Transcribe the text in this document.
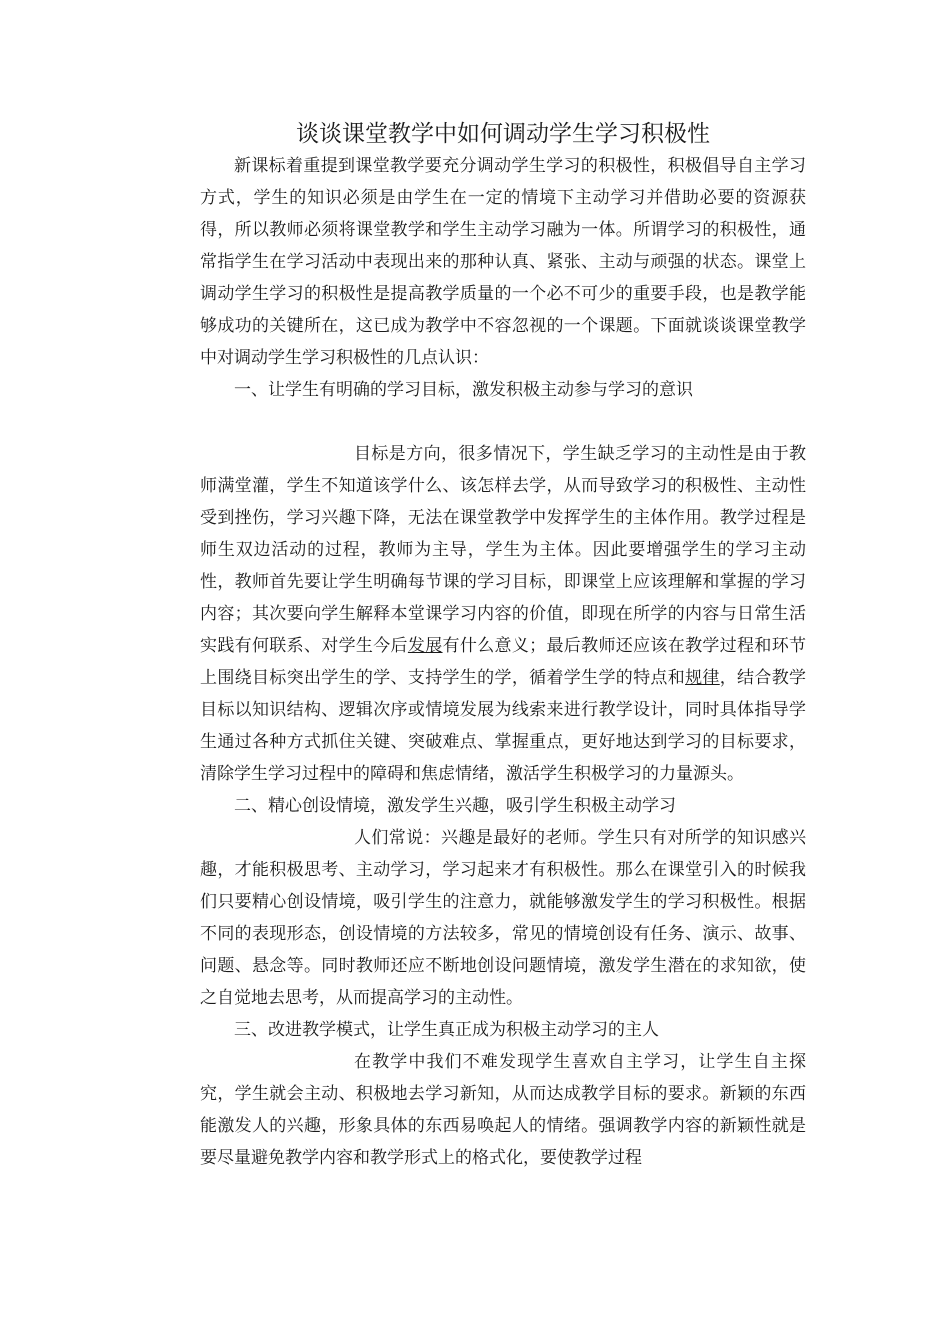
谈谈课堂教学中如何调动学生学习积极性

新课标着重提到课堂教学要充分调动学生学习的积极性，积极倡导自主学习方式，学生的知识必须是由学生在一定的情境下主动学习并借助必要的资源获得，所以教师必须将课堂教学和学生主动学习融为一体。所谓学习的积极性，通常指学生在学习活动中表现出来的那种认真、紧张、主动与顽强的状态。课堂上调动学生学习的积极性是提高教学质量的一个必不可少的重要手段，也是教学能够成功的关键所在，这已成为教学中不容忽视的一个课题。下面就谈谈课堂教学中对调动学生学习积极性的几点认识：

一、让学生有明确的学习目标，激发积极主动参与学习的意识

目标是方向，很多情况下，学生缺乏学习的主动性是由于教师满堂灌，学生不知道该学什么、该怎样去学，从而导致学习的积极性、主动性受到挫伤，学习兴趣下降，无法在课堂教学中发挥学生的主体作用。教学过程是师生双边活动的过程，教师为主导，学生为主体。因此要增强学生的学习主动性，教师首先要让学生明确每节课的学习目标，即课堂上应该理解和掌握的学习内容；其次要向学生解释本堂课学习内容的价值，即现在所学的内容与日常生活实践有何联系、对学生今后发展有什么意义；最后教师还应该在教学过程和环节上围绕目标突出学生的学、支持学生的学，循着学生学的特点和规律，结合教学目标以知识结构、逻辑次序或情境发展为线索来进行教学设计，同时具体指导学生通过各种方式抓住关键、突破难点、掌握重点，更好地达到学习的目标要求，清除学生学习过程中的障碍和焦虑情绪，激活学生积极学习的力量源头。

二、精心创设情境，激发学生兴趣，吸引学生积极主动学习

人们常说：兴趣是最好的老师。学生只有对所学的知识感兴趣，才能积极思考、主动学习，学习起来才有积极性。那么在课堂引入的时候我们只要精心创设情境，吸引学生的注意力，就能够激发学生的学习积极性。根据不同的表现形态，创设情境的方法较多，常见的情境创设有任务、演示、故事、问题、悬念等。同时教师还应不断地创设问题情境，激发学生潜在的求知欲，使之自觉地去思考，从而提高学习的主动性。

三、改进教学模式，让学生真正成为积极主动学习的主人

在教学中我们不难发现学生喜欢自主学习，让学生自主探究，学生就会主动、积极地去学习新知，从而达成教学目标的要求。新颖的东西能激发人的兴趣，形象具体的东西易唤起人的情绪。强调教学内容的新颖性就是要尽量避免教学内容和教学形式上的格式化，要使教学过程
